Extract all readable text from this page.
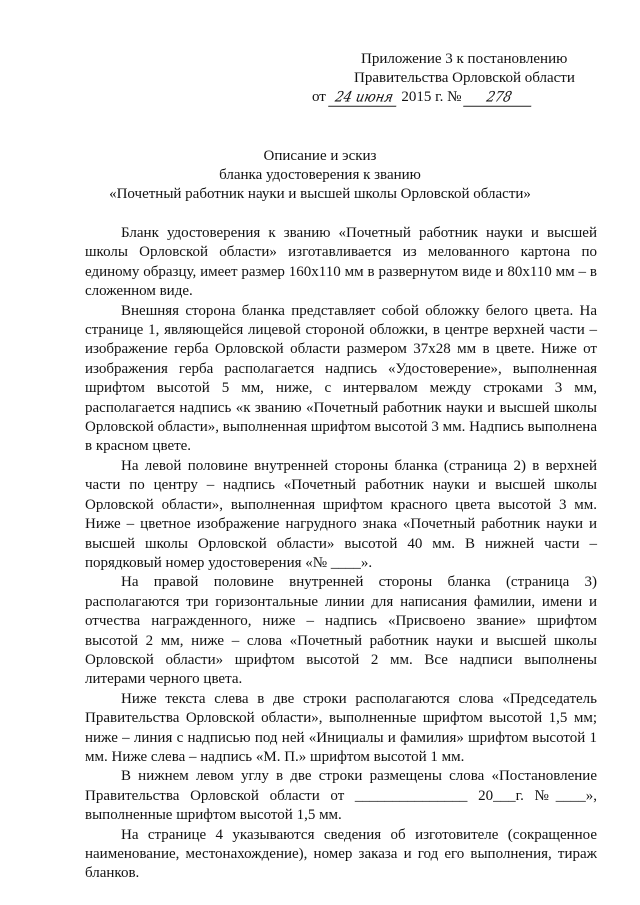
Приложение 3 к постановлению
Правительства Орловской области
от 24 июня 2015 г. № 278
Описание и эскиз
бланка удостоверения к званию
«Почетный работник науки и высшей школы Орловской области»

Бланк удостоверения к званию «Почетный работник науки и высшей школы Орловской области» изготавливается из мелованного картона по единому образцу, имеет размер 160х110 мм в развернутом виде и 80х110 мм – в сложенном виде.

Внешняя сторона бланка представляет собой обложку белого цвета. На странице 1, являющейся лицевой стороной обложки, в центре верхней части – изображение герба Орловской области размером 37х28 мм в цвете. Ниже от изображения герба располагается надпись «Удостоверение», выполненная шрифтом высотой 5 мм, ниже, с интервалом между строками 3 мм, располагается надпись «к званию «Почетный работник науки и высшей школы Орловской области», выполненная шрифтом высотой 3 мм. Надпись выполнена в красном цвете.

На левой половине внутренней стороны бланка (страница 2) в верхней части по центру – надпись «Почетный работник науки и высшей школы Орловской области», выполненная шрифтом красного цвета высотой 3 мм. Ниже – цветное изображение нагрудного знака «Почетный работник науки и высшей школы Орловской области» высотой 40 мм. В нижней части – порядковый номер удостоверения «№ ____».

На правой половине внутренней стороны бланка (страница 3) располагаются три горизонтальные линии для написания фамилии, имени и отчества награжденного, ниже – надпись «Присвоено звание» шрифтом высотой 2 мм, ниже – слова «Почетный работник науки и высшей школы Орловской области» шрифтом высотой 2 мм. Все надписи выполнены литерами черного цвета.

Ниже текста слева в две строки располагаются слова «Председатель Правительства Орловской области», выполненные шрифтом высотой 1,5 мм; ниже – линия с надписью под ней «Инициалы и фамилия» шрифтом высотой 1 мм. Ниже слева – надпись «М. П.» шрифтом высотой 1 мм.

В нижнем левом углу в две строки размещены слова «Постановление Правительства Орловской области от _______________ 20___г. №____», выполненные шрифтом высотой 1,5 мм.

На странице 4 указываются сведения об изготовителе (сокращенное наименование, местонахождение), номер заказа и год его выполнения, тираж бланков.
